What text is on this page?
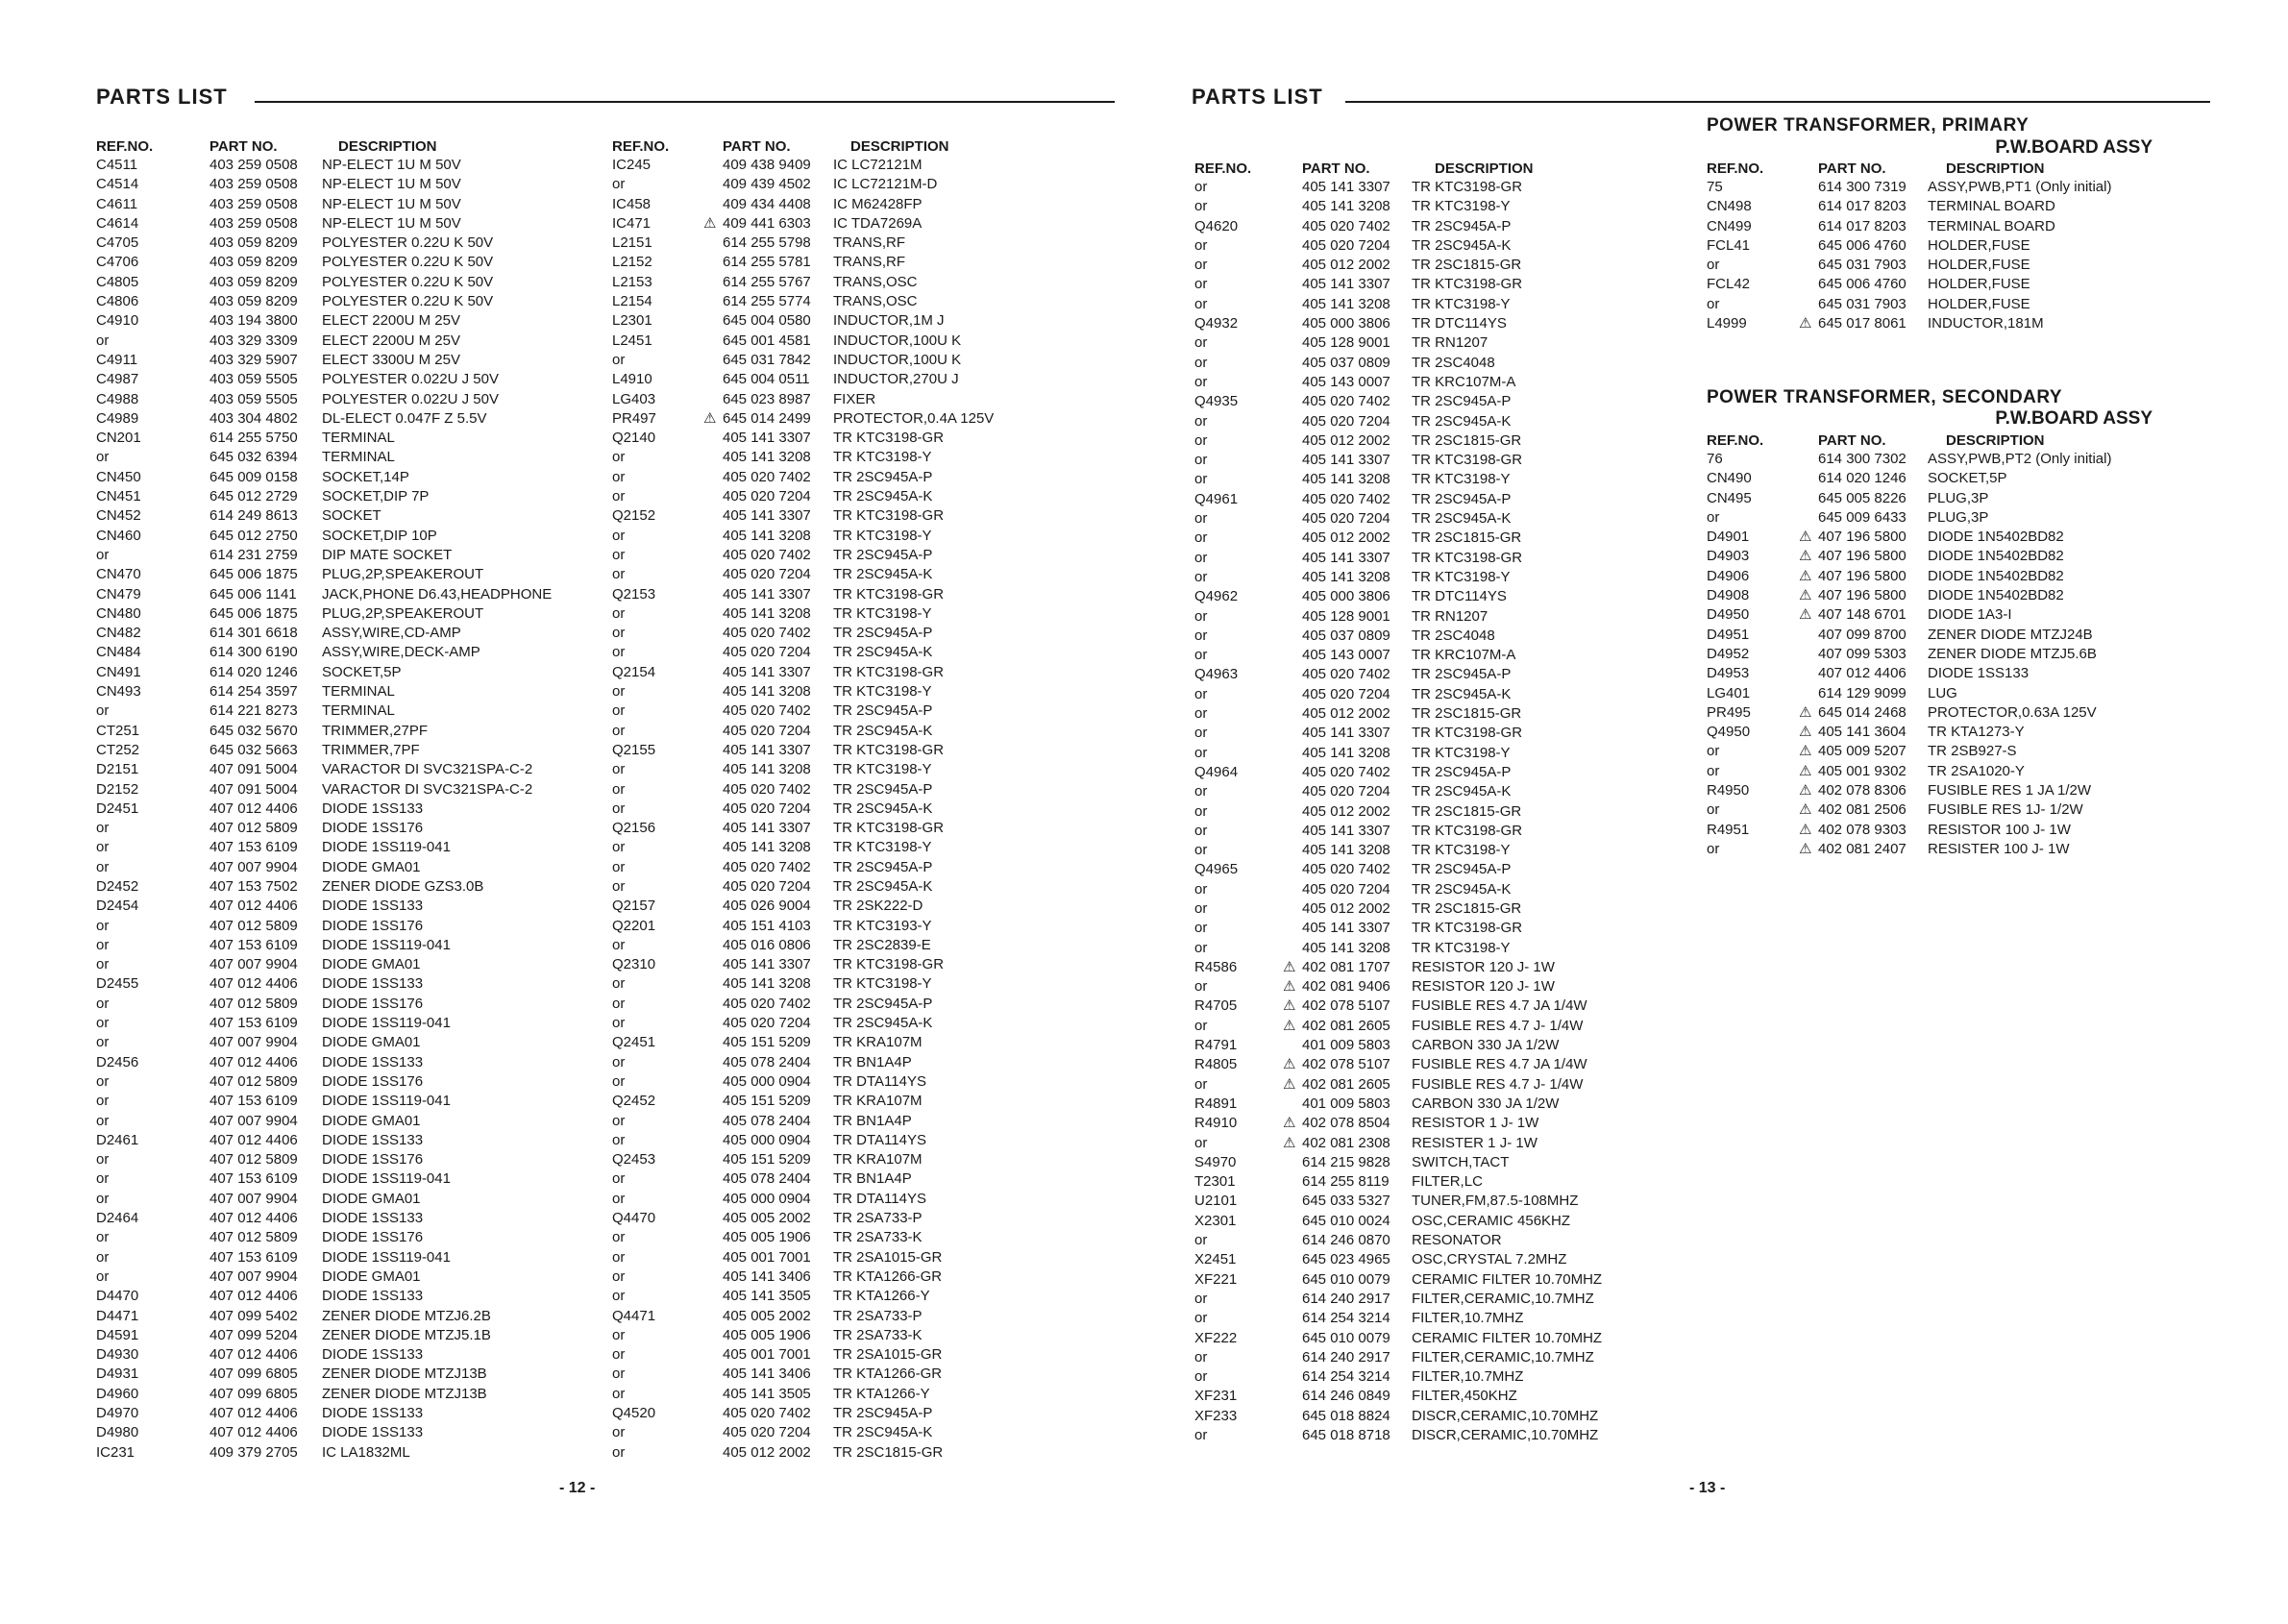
PARTS LIST
REF.NO.	PART NO.	DESCRIPTION
C4511	403 259 0508 NP-ELECT 1U M 50V
C4514	403 259 0508 NP-ELECT 1U M 50V
C4611	403 259 0508 NP-ELECT 1U M 50V
C4614	403 259 0508 NP-ELECT 1U M 50V
C4705	403 059 8209 POLYESTER 0.22U K 50V
C4706	403 059 8209 POLYESTER 0.22U K 50V
C4805	403 059 8209 POLYESTER 0.22U K 50V
C4806	403 059 8209 POLYESTER 0.22U K 50V
C4910	403 194 3800 ELECT 2200U M 25V
or	403 329 3309 ELECT 2200U M 25V
C4911	403 329 5907 ELECT 3300U M 25V
C4987	403 059 5505 POLYESTER 0.022U J 50V
C4988	403 059 5505 POLYESTER 0.022U J 50V
C4989	403 304 4802 DL-ELECT 0.047F Z 5.5V
CN201	614 255 5750 TERMINAL
or	645 032 6394 TERMINAL
CN450	645 009 0158 SOCKET,14P
CN451	645 012 2729 SOCKET,DIP 7P
CN452	614 249 8613 SOCKET
CN460	645 012 2750 SOCKET,DIP 10P
or	614 231 2759 DIP MATE SOCKET
CN470	645 006 1875 PLUG,2P,SPEAKEROUT
CN479	645 006 1141 JACK,PHONE D6.43,HEADPHONE
CN480	645 006 1875 PLUG,2P,SPEAKEROUT
CN482	614 301 6618 ASSY,WIRE,CD-AMP
CN484	614 300 6190 ASSY,WIRE,DECK-AMP
CN491	614 020 1246 SOCKET,5P
CN493	614 254 3597 TERMINAL
or	614 221 8273 TERMINAL
CT251	645 032 5670 TRIMMER,27PF
CT252	645 032 5663 TRIMMER,7PF
D2151	407 091 5004 VARACTOR DI SVC321SPA-C-2
D2152	407 091 5004 VARACTOR DI SVC321SPA-C-2
D2451	407 012 4406 DIODE 1SS133
or	407 012 5809 DIODE 1SS176
or	407 153 6109 DIODE 1SS119-041
or	407 007 9904 DIODE GMA01
D2452	407 153 7502 ZENER DIODE GZS3.0B
D2454	407 012 4406 DIODE 1SS133
or	407 012 5809 DIODE 1SS176
or	407 153 6109 DIODE 1SS119-041
or	407 007 9904 DIODE GMA01
D2455	407 012 4406 DIODE 1SS133
or	407 012 5809 DIODE 1SS176
or	407 153 6109 DIODE 1SS119-041
or	407 007 9904 DIODE GMA01
D2456	407 012 4406 DIODE 1SS133
or	407 012 5809 DIODE 1SS176
or	407 153 6109 DIODE 1SS119-041
or	407 007 9904 DIODE GMA01
D2461	407 012 4406 DIODE 1SS133
or	407 012 5809 DIODE 1SS176
or	407 153 6109 DIODE 1SS119-041
or	407 007 9904 DIODE GMA01
D2464	407 012 4406 DIODE 1SS133
or	407 012 5809 DIODE 1SS176
or	407 153 6109 DIODE 1SS119-041
or	407 007 9904 DIODE GMA01
D4470	407 012 4406 DIODE 1SS133
D4471	407 099 5402 ZENER DIODE MTZJ6.2B
D4591	407 099 5204 ZENER DIODE MTZJ5.1B
D4930	407 012 4406 DIODE 1SS133
D4931	407 099 6805 ZENER DIODE MTZJ13B
D4960	407 099 6805 ZENER DIODE MTZJ13B
D4970	407 012 4406 DIODE 1SS133
D4980	407 012 4406 DIODE 1SS133
IC231	409 379 2705 IC LA1832ML
REF.NO.	PART NO.	DESCRIPTION
IC245	409 438 9409 IC LC72121M
or	409 439 4502 IC LC72121M-D
IC458	409 434 4408 IC M62428FP
IC471	⚠ 409 441 6303 IC TDA7269A
L2151	614 255 5798 TRANS,RF
L2152	614 255 5781 TRANS,RF
L2153	614 255 5767 TRANS,OSC
L2154	614 255 5774 TRANS,OSC
L2301	645 004 0580 INDUCTOR,1M J
L2451	645 001 4581 INDUCTOR,100U K
or	645 031 7842 INDUCTOR,100U K
L4910	645 004 0511 INDUCTOR,270U J
LG403	645 023 8987 FIXER
PR497	⚠ 645 014 2499 PROTECTOR,0.4A 125V
Q2140	405 141 3307 TR KTC3198-GR
or	405 141 3208 TR KTC3198-Y
or	405 020 7402 TR 2SC945A-P
or	405 020 7204 TR 2SC945A-K
Q2152	405 141 3307 TR KTC3198-GR
or	405 141 3208 TR KTC3198-Y
or	405 020 7402 TR 2SC945A-P
or	405 020 7204 TR 2SC945A-K
Q2153	405 141 3307 TR KTC3198-GR
or	405 141 3208 TR KTC3198-Y
or	405 020 7402 TR 2SC945A-P
or	405 020 7204 TR 2SC945A-K
Q2154	405 141 3307 TR KTC3198-GR
or	405 141 3208 TR KTC3198-Y
or	405 020 7402 TR 2SC945A-P
or	405 020 7204 TR 2SC945A-K
Q2155	405 141 3307 TR KTC3198-GR
or	405 141 3208 TR KTC3198-Y
or	405 020 7402 TR 2SC945A-P
or	405 020 7204 TR 2SC945A-K
Q2156	405 141 3307 TR KTC3198-GR
or	405 141 3208 TR KTC3198-Y
or	405 020 7402 TR 2SC945A-P
or	405 020 7204 TR 2SC945A-K
Q2157	405 026 9004 TR 2SK222-D
Q2201	405 151 4103 TR KTC3193-Y
or	405 016 0806 TR 2SC2839-E
Q2310	405 141 3307 TR KTC3198-GR
or	405 141 3208 TR KTC3198-Y
or	405 020 7402 TR 2SC945A-P
or	405 020 7204 TR 2SC945A-K
Q2451	405 151 5209 TR KRA107M
or	405 078 2404 TR BN1A4P
or	405 000 0904 TR DTA114YS
Q2452	405 151 5209 TR KRA107M
or	405 078 2404 TR BN1A4P
or	405 000 0904 TR DTA114YS
Q2453	405 151 5209 TR KRA107M
or	405 078 2404 TR BN1A4P
or	405 000 0904 TR DTA114YS
Q4470	405 005 2002 TR 2SA733-P
or	405 005 1906 TR 2SA733-K
or	405 001 7001 TR 2SA1015-GR
or	405 141 3406 TR KTA1266-GR
or	405 141 3505 TR KTA1266-Y
Q4471	405 005 2002 TR 2SA733-P
or	405 005 1906 TR 2SA733-K
or	405 001 7001 TR 2SA1015-GR
or	405 141 3406 TR KTA1266-GR
or	405 141 3505 TR KTA1266-Y
Q4520	405 020 7402 TR 2SC945A-P
or	405 020 7204 TR 2SC945A-K
or	405 012 2002 TR 2SC1815-GR
- 12 -
PARTS LIST
REF.NO.	PART NO.	DESCRIPTION
or	405 141 3307 TR KTC3198-GR
or	405 141 3208 TR KTC3198-Y
Q4620	405 020 7402 TR 2SC945A-P
or	405 020 7204 TR 2SC945A-K
or	405 012 2002 TR 2SC1815-GR
or	405 141 3307 TR KTC3198-GR
or	405 141 3208 TR KTC3198-Y
Q4932	405 000 3806 TR DTC114YS
or	405 128 9001 TR RN1207
or	405 037 0809 TR 2SC4048
or	405 143 0007 TR KRC107M-A
Q4935	405 020 7402 TR 2SC945A-P
or	405 020 7204 TR 2SC945A-K
or	405 012 2002 TR 2SC1815-GR
or	405 141 3307 TR KTC3198-GR
or	405 141 3208 TR KTC3198-Y
Q4961	405 020 7402 TR 2SC945A-P
or	405 020 7204 TR 2SC945A-K
or	405 012 2002 TR 2SC1815-GR
or	405 141 3307 TR KTC3198-GR
or	405 141 3208 TR KTC3198-Y
Q4962	405 000 3806 TR DTC114YS
or	405 128 9001 TR RN1207
or	405 037 0809 TR 2SC4048
or	405 143 0007 TR KRC107M-A
Q4963	405 020 7402 TR 2SC945A-P
or	405 020 7204 TR 2SC945A-K
or	405 012 2002 TR 2SC1815-GR
or	405 141 3307 TR KTC3198-GR
or	405 141 3208 TR KTC3198-Y
Q4964	405 020 7402 TR 2SC945A-P
or	405 020 7204 TR 2SC945A-K
or	405 012 2002 TR 2SC1815-GR
or	405 141 3307 TR KTC3198-GR
or	405 141 3208 TR KTC3198-Y
Q4965	405 020 7402 TR 2SC945A-P
or	405 020 7204 TR 2SC945A-K
or	405 012 2002 TR 2SC1815-GR
or	405 141 3307 TR KTC3198-GR
or	405 141 3208 TR KTC3198-Y
R4586	⚠ 402 081 1707 RESISTOR 120 J- 1W
or	⚠ 402 081 9406 RESISTOR 120 J- 1W
R4705	⚠ 402 078 5107 FUSIBLE RES 4.7 JA 1/4W
or	⚠ 402 081 2605 FUSIBLE RES 4.7 J- 1/4W
R4791	401 009 5803 CARBON 330 JA 1/2W
R4805	⚠ 402 078 5107 FUSIBLE RES 4.7 JA 1/4W
or	⚠ 402 081 2605 FUSIBLE RES 4.7 J- 1/4W
R4891	401 009 5803 CARBON 330 JA 1/2W
R4910	⚠ 402 078 8504 RESISTOR 1 J- 1W
or	⚠ 402 081 2308 RESISTER 1 J- 1W
S4970	614 215 9828 SWITCH,TACT
T2301	614 255 8119 FILTER,LC
U2101	645 033 5327 TUNER,FM,87.5-108MHZ
X2301	645 010 0024 OSC,CERAMIC 456KHZ
or	614 246 0870 RESONATOR
X2451	645 023 4965 OSC,CRYSTAL 7.2MHZ
XF221	645 010 0079 CERAMIC FILTER 10.70MHZ
or	614 240 2917 FILTER,CERAMIC,10.7MHZ
or	614 254 3214 FILTER,10.7MHZ
XF222	645 010 0079 CERAMIC FILTER 10.70MHZ
or	614 240 2917 FILTER,CERAMIC,10.7MHZ
or	614 254 3214 FILTER,10.7MHZ
XF231	614 246 0849 FILTER,450KHZ
XF233	645 018 8824 DISCR,CERAMIC,10.70MHZ
or	645 018 8718 DISCR,CERAMIC,10.70MHZ
POWER TRANSFORMER, PRIMARY
P.W.BOARD ASSY
REF.NO.	PART NO.	DESCRIPTION
75	614 300 7319 ASSY,PWB,PT1 (Only initial)
CN498	614 017 8203 TERMINAL BOARD
CN499	614 017 8203 TERMINAL BOARD
FCL41	645 006 4760 HOLDER,FUSE
or	645 031 7903 HOLDER,FUSE
FCL42	645 006 4760 HOLDER,FUSE
or	645 031 7903 HOLDER,FUSE
L4999	⚠ 645 017 8061 INDUCTOR,181M
POWER TRANSFORMER, SECONDARY
P.W.BOARD ASSY
REF.NO.	PART NO.	DESCRIPTION
76	614 300 7302 ASSY,PWB,PT2 (Only initial)
CN490	614 020 1246 SOCKET,5P
CN495	645 005 8226 PLUG,3P
or	645 009 6433 PLUG,3P
D4901	⚠ 407 196 5800 DIODE 1N5402BD82
D4903	⚠ 407 196 5800 DIODE 1N5402BD82
D4906	⚠ 407 196 5800 DIODE 1N5402BD82
D4908	⚠ 407 196 5800 DIODE 1N5402BD82
D4950	⚠ 407 148 6701 DIODE 1A3-I
D4951	407 099 8700 ZENER DIODE MTZJ24B
D4952	407 099 5303 ZENER DIODE MTZJ5.6B
D4953	407 012 4406 DIODE 1SS133
LG401	614 129 9099 LUG
PR495	⚠ 645 014 2468 PROTECTOR,0.63A 125V
Q4950	⚠ 405 141 3604 TR KTA1273-Y
or	⚠ 405 009 5207 TR 2SB927-S
or	⚠ 405 001 9302 TR 2SA1020-Y
R4950	⚠ 402 078 8306 FUSIBLE RES 1 JA 1/2W
or	⚠ 402 081 2506 FUSIBLE RES 1J- 1/2W
R4951	⚠ 402 078 9303 RESISTOR 100 J- 1W
or	⚠ 402 081 2407 RESISTER 100 J- 1W
- 13 -
